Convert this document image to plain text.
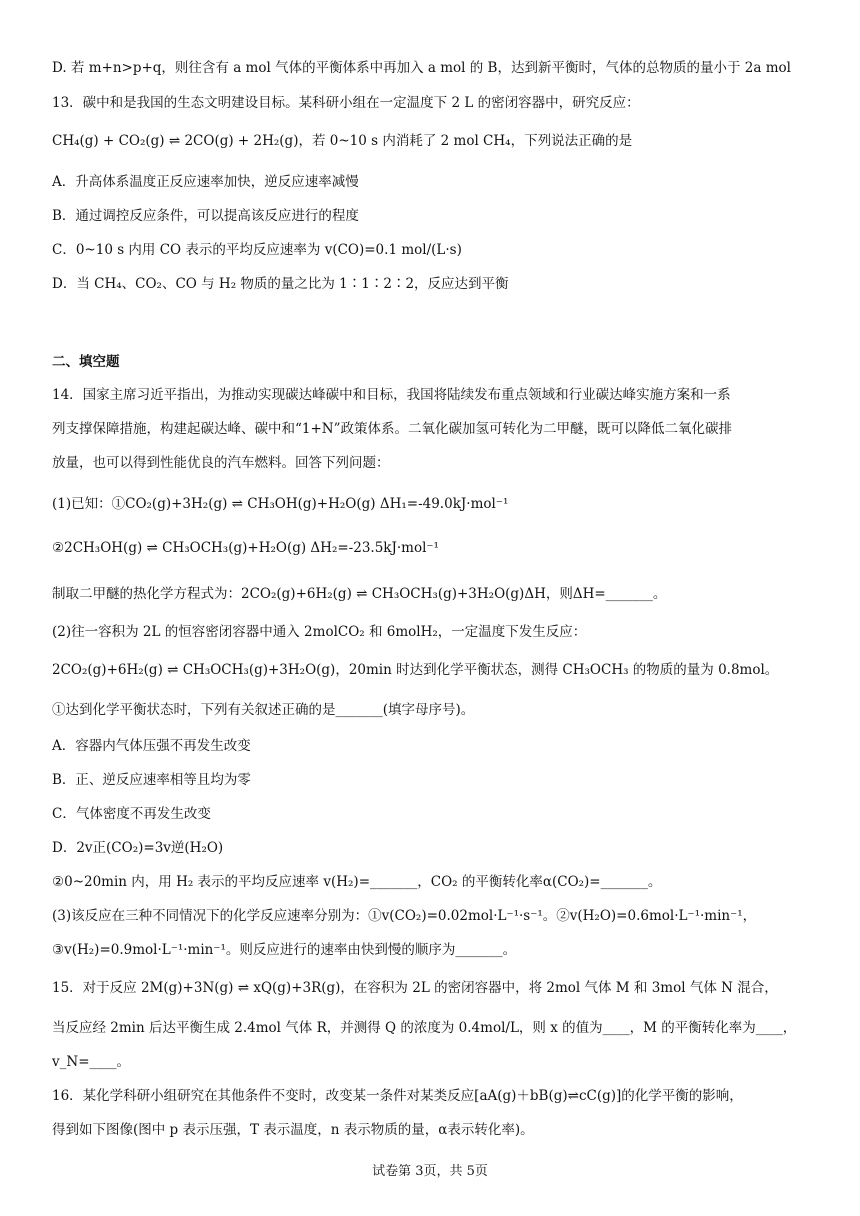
D. 若 m+n>p+q，则往含有 a mol 气体的平衡体系中再加入 a mol 的 B，达到新平衡时，气体的总物质的量小于 2a mol
13．碳中和是我国的生态文明建设目标。某科研小组在一定温度下 2 L 的密闭容器中，研究反应：
CH₄(g) + CO₂(g) ⇌ 2CO(g) + 2H₂(g)，若 0~10 s 内消耗了 2 mol CH₄，下列说法正确的是
A．升高体系温度正反应速率加快，逆反应速率减慢
B．通过调控反应条件，可以提高该反应进行的程度
C．0~10 s 内用 CO 表示的平均反应速率为 v(CO)=0.1 mol/(L·s)
D．当 CH₄、CO₂、CO 与 H₂ 物质的量之比为 1∶1∶2∶2，反应达到平衡
二、填空题
14．国家主席习近平指出，为推动实现碳达峰碳中和目标，我国将陆续发布重点领域和行业碳达峰实施方案和一系
列支撑保障措施，构建起碳达峰、碳中和“1+N”政策体系。二氧化碳加氢可转化为二甲醚，既可以降低二氧化碳排
放量，也可以得到性能优良的汽车燃料。回答下列问题：
(1)已知：①CO₂(g)+3H₂(g) ⇌ CH₃OH(g)+H₂O(g) ΔH₁=-49.0kJ·mol⁻¹
②2CH₃OH(g) ⇌ CH₃OCH₃(g)+H₂O(g) ΔH₂=-23.5kJ·mol⁻¹
制取二甲醚的热化学方程式为：2CO₂(g)+6H₂(g) ⇌ CH₃OCH₃(g)+3H₂O(g)ΔH，则ΔH=_______。
(2)往一容积为 2L 的恒容密闭容器中通入 2molCO₂ 和 6molH₂，一定温度下发生反应：
2CO₂(g)+6H₂(g) ⇌ CH₃OCH₃(g)+3H₂O(g)，20min 时达到化学平衡状态，测得 CH₃OCH₃ 的物质的量为 0.8mol。
①达到化学平衡状态时，下列有关叙述正确的是_______(填字母序号)。
A．容器内气体压强不再发生改变
B．正、逆反应速率相等且均为零
C．气体密度不再发生改变
D．2v正(CO₂)=3v逆(H₂O)
②0~20min 内，用 H₂ 表示的平均反应速率 v(H₂)=_______，CO₂ 的平衡转化率α(CO₂)=_______。
(3)该反应在三种不同情况下的化学反应速率分别为：①v(CO₂)=0.02mol·L⁻¹·s⁻¹。②v(H₂O)=0.6mol·L⁻¹·min⁻¹，
③v(H₂)=0.9mol·L⁻¹·min⁻¹。则反应进行的速率由快到慢的顺序为_______。
15．对于反应 2M(g)+3N(g) ⇌ xQ(g)+3R(g)，在容积为 2L 的密闭容器中，将 2mol 气体 M 和 3mol 气体 N 混合，
当反应经 2min 后达平衡生成 2.4mol 气体 R，并测得 Q 的浓度为 0.4mol/L，则 x 的值为____，M 的平衡转化率为____，
v_N=____。
16．某化学科研小组研究在其他条件不变时，改变某一条件对某类反应[aA(g)＋bB(g)⇌cC(g)]的化学平衡的影响，
得到如下图像(图中 p 表示压强，T 表示温度，n 表示物质的量，α表示转化率)。
试卷第 3页，共 5页
